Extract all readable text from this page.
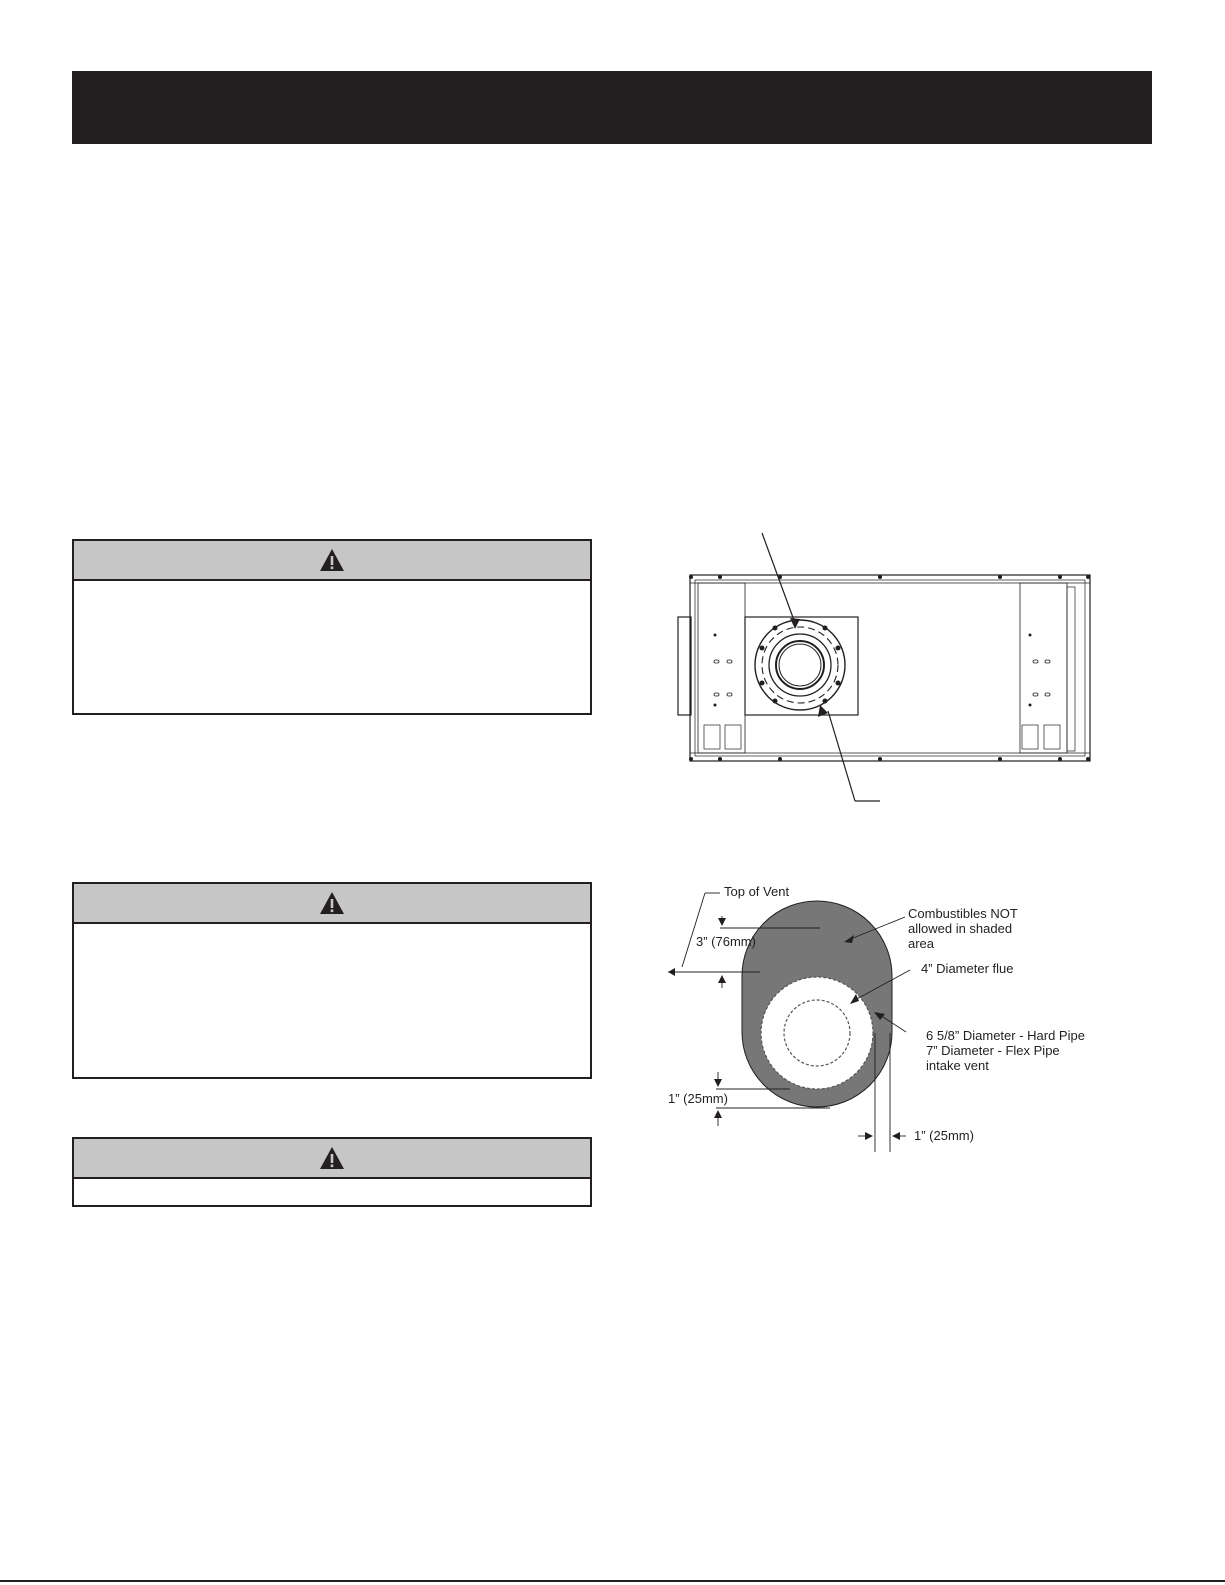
Top of Vent
3” (76mm)
Combustibles NOT
allowed in shaded
area
4” Diameter flue
6 5/8” Diameter - Hard Pipe
7” Diameter - Flex Pipe
intake vent
1” (25mm)
1” (25mm)
